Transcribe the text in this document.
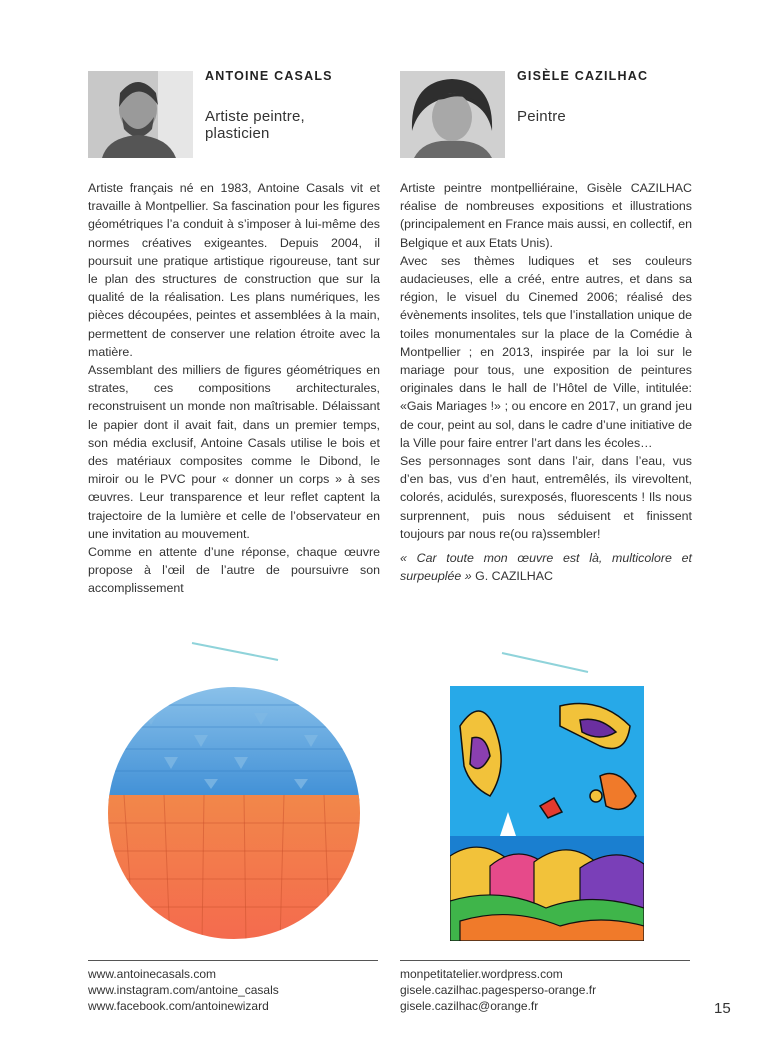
ANTOINE CASALS
Artiste peintre,
plasticien

Artiste français né en 1983, Antoine Casals vit et travaille à Montpellier. Sa fascination pour les figures géométriques l’a conduit à s’imposer à lui-même des normes créatives exigeantes. Depuis 2004, il poursuit une pratique artistique rigoureuse, tant sur le plan des structures de construction que sur la qualité de la réalisation. Les plans numériques, les pièces découpées, peintes et assemblées à la main, permettent de conserver une relation étroite avec la matière.

Assemblant des milliers de figures géométriques en strates, ces compositions architecturales, reconstruisent un monde non maîtrisable. Délaissant le papier dont il avait fait, dans un premier temps, son média exclusif, Antoine Casals utilise le bois et des matériaux composites comme le Dibond, le miroir ou le PVC pour « donner un corps » à ses œuvres. Leur transparence et leur reflet captent la trajectoire de la lumière et celle de l’observateur en une invitation au mouvement.

Comme en attente d’une réponse, chaque œuvre propose à l’œil de l’autre de poursuivre son accomplissement

www.antoinecasals.com
www.instagram.com/antoine_casals
www.facebook.com/antoinewizard
GISÈLE CAZILHAC
Peintre

Artiste peintre montpelliéraine, Gisèle CAZILHAC réalise de nombreuses expositions et illustrations (principalement en France mais aussi, en collectif, en Belgique et aux Etats Unis).

Avec ses thèmes ludiques et ses couleurs audacieuses, elle a créé, entre autres, et dans sa région, le visuel du Cinemed 2006; réalisé des évènements insolites, tels que l’installation unique de toiles monumentales sur la place de la Comédie à Montpellier ; en 2013, inspirée par la loi sur le mariage pour tous, une exposition de peintures originales dans le hall de l’Hôtel de Ville, intitulée: «Gais Mariages !» ; ou encore en 2017, un grand jeu de cour, peint au sol, dans le cadre d’une initiative de la Ville pour faire entrer l’art dans les écoles…

Ses personnages sont dans l’air, dans l’eau, vus d’en bas, vus d’en haut, entremêlés, ils virevoltent, colorés, acidulés, surexposés, fluorescents ! Ils nous surprennent, puis nous séduisent et finissent toujours par nous re(ou ra)ssembler!

« Car toute mon œuvre est là, multicolore et surpeuplée » G. CAZILHAC

monpetitatelier.wordpress.com
gisele.cazilhac.pagesperso-orange.fr
gisele.cazilhac@orange.fr	15
